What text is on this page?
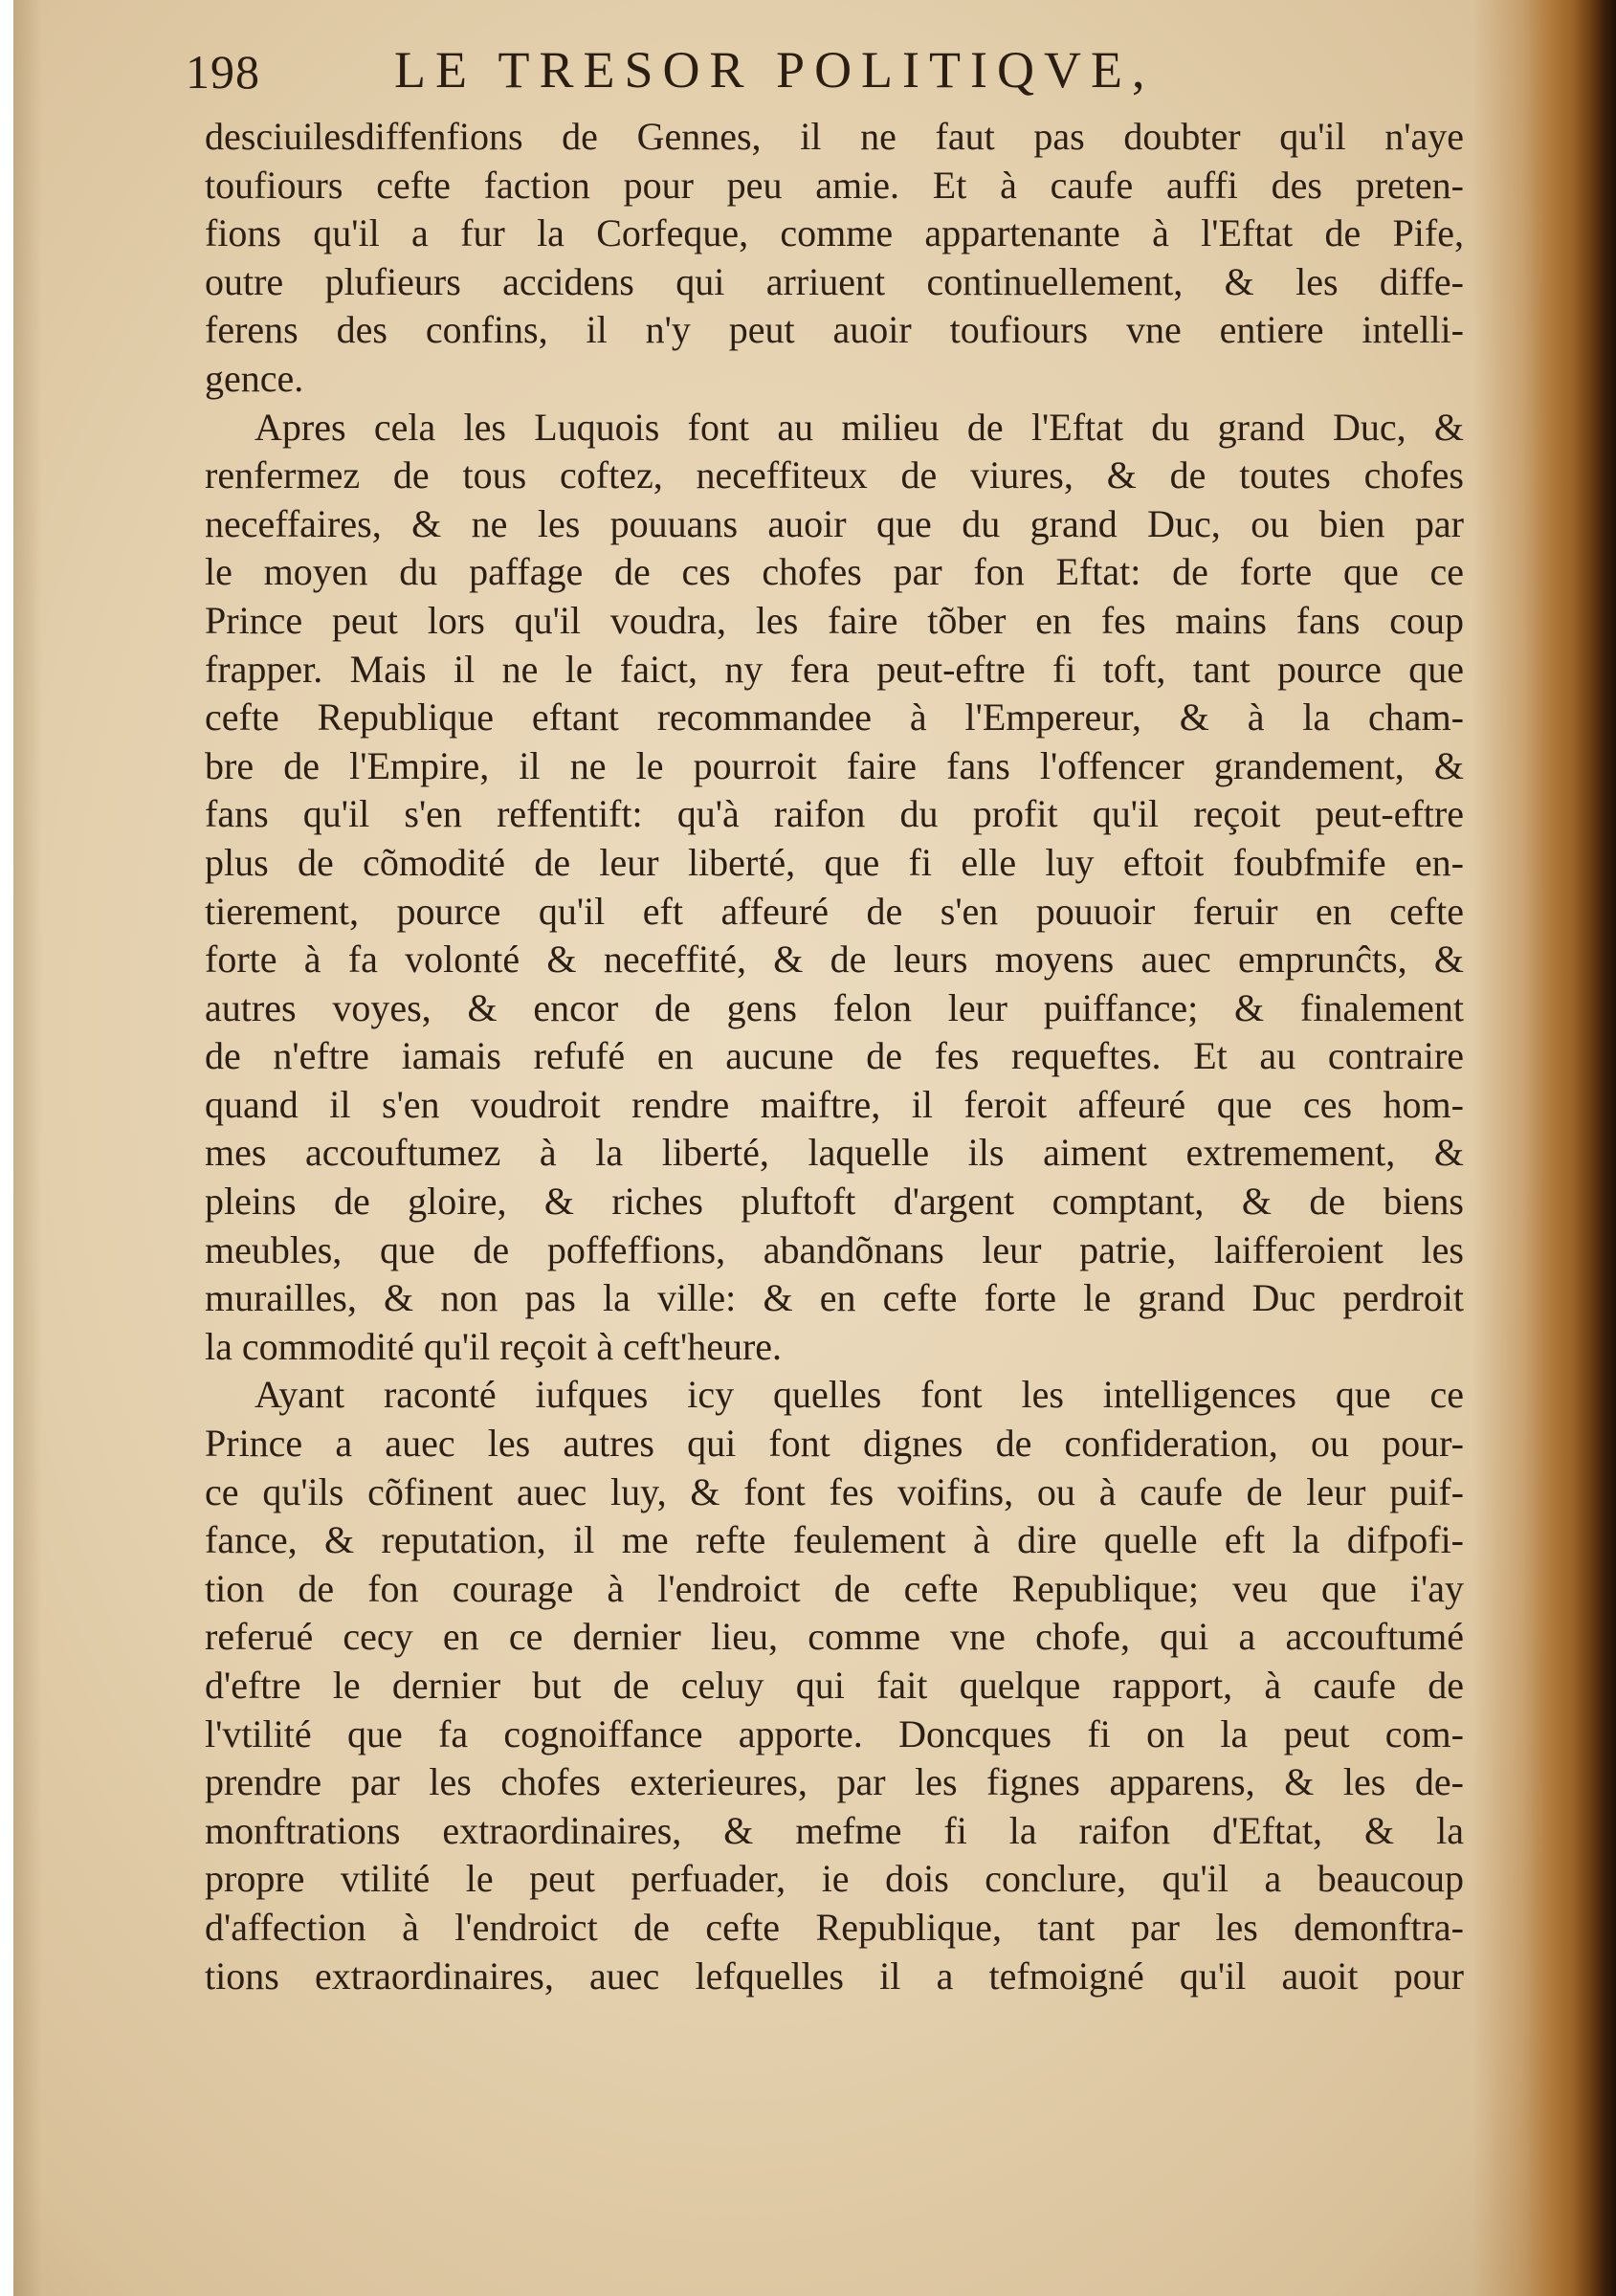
198	LE TRESOR POLITIQVE,
desciuilesdiffenfions de Gennes, il ne faut pas doubter qu'il n'aye
toufiours cefte faction pour peu amie. Et à caufe auffi des preten-
fions qu'il a fur la Corfeque, comme appartenante à l'Eftat de Pife,
outre plufieurs accidens qui arriuent continuellement, & les diffe-
ferens des confins, il n'y peut auoir toufiours vne entiere intelli-
gence.
Apres cela les Luquois font au milieu de l'Eftat du grand Duc, &
renfermez de tous coftez, neceffiteux de viures, & de toutes chofes
neceffaires, & ne les pouuans auoir que du grand Duc, ou bien par
le moyen du paffage de ces chofes par fon Eftat: de forte que ce
Prince peut lors qu'il voudra, les faire tõber en fes mains fans coup
frapper. Mais il ne le faict, ny fera peut-eftre fi toft, tant pource que
cefte Republique eftant recommandee à l'Empereur, & à la cham-
bre de l'Empire, il ne le pourroit faire fans l'offencer grandement, &
fans qu'il s'en reffentift: qu'à raifon du profit qu'il reçoit peut-eftre
plus de cõmodité de leur liberté, que fi elle luy eftoit foubfmife en-
tierement, pource qu'il eft affeuré de s'en pouuoir feruir en cefte
forte à fa volonté & neceffité, & de leurs moyens auec emprunĉts, &
autres voyes, & encor de gens felon leur puiffance; & finalement
de n'eftre iamais refufé en aucune de fes requeftes. Et au contraire
quand il s'en voudroit rendre maiftre, il feroit affeuré que ces hom-
mes accouftumez à la liberté, laquelle ils aiment extremement, &
pleins de gloire, & riches pluftoft d'argent comptant, & de biens
meubles, que de poffeffions, abandõnans leur patrie, laifferoient les
murailles, & non pas la ville: & en cefte forte le grand Duc perdroit
la commodité qu'il reçoit à ceft'heure.
Ayant raconté iufques icy quelles font les intelligences que ce
Prince a auec les autres qui font dignes de confideration, ou pour-
ce qu'ils cõfinent auec luy, & font fes voifins, ou à caufe de leur puif-
fance, & reputation, il me refte feulement à dire quelle eft la difpofi-
tion de fon courage à l'endroict de cefte Republique; veu que i'ay
referué cecy en ce dernier lieu, comme vne chofe, qui a accouftumé
d'eftre le dernier but de celuy qui fait quelque rapport, à caufe de
l'vtilité que fa cognoiffance apporte. Doncques fi on la peut com-
prendre par les chofes exterieures, par les fignes apparens, & les de-
monftrations extraordinaires, & mefme fi la raifon d'Eftat, & la
propre vtilité le peut perfuader, ie dois conclure, qu'il a beaucoup
d'affection à l'endroict de cefte Republique, tant par les demonftra-
tions extraordinaires, auec lefquelles il a tefmoigné qu'il auoit pour
